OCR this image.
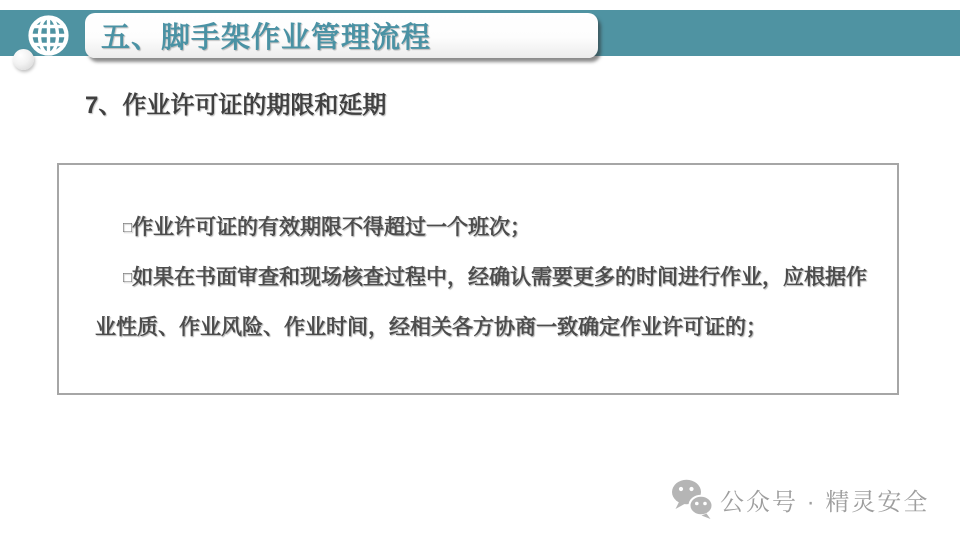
五、脚手架作业管理流程
7、作业许可证的期限和延期

□作业许可证的有效期限不得超过一个班次；

□如果在书面审查和现场核查过程中，经确认需要更多的时间进行作业，应根据作业性质、作业风险、作业时间，经相关各方协商一致确定作业许可证的；

公众号 · 精灵安全
